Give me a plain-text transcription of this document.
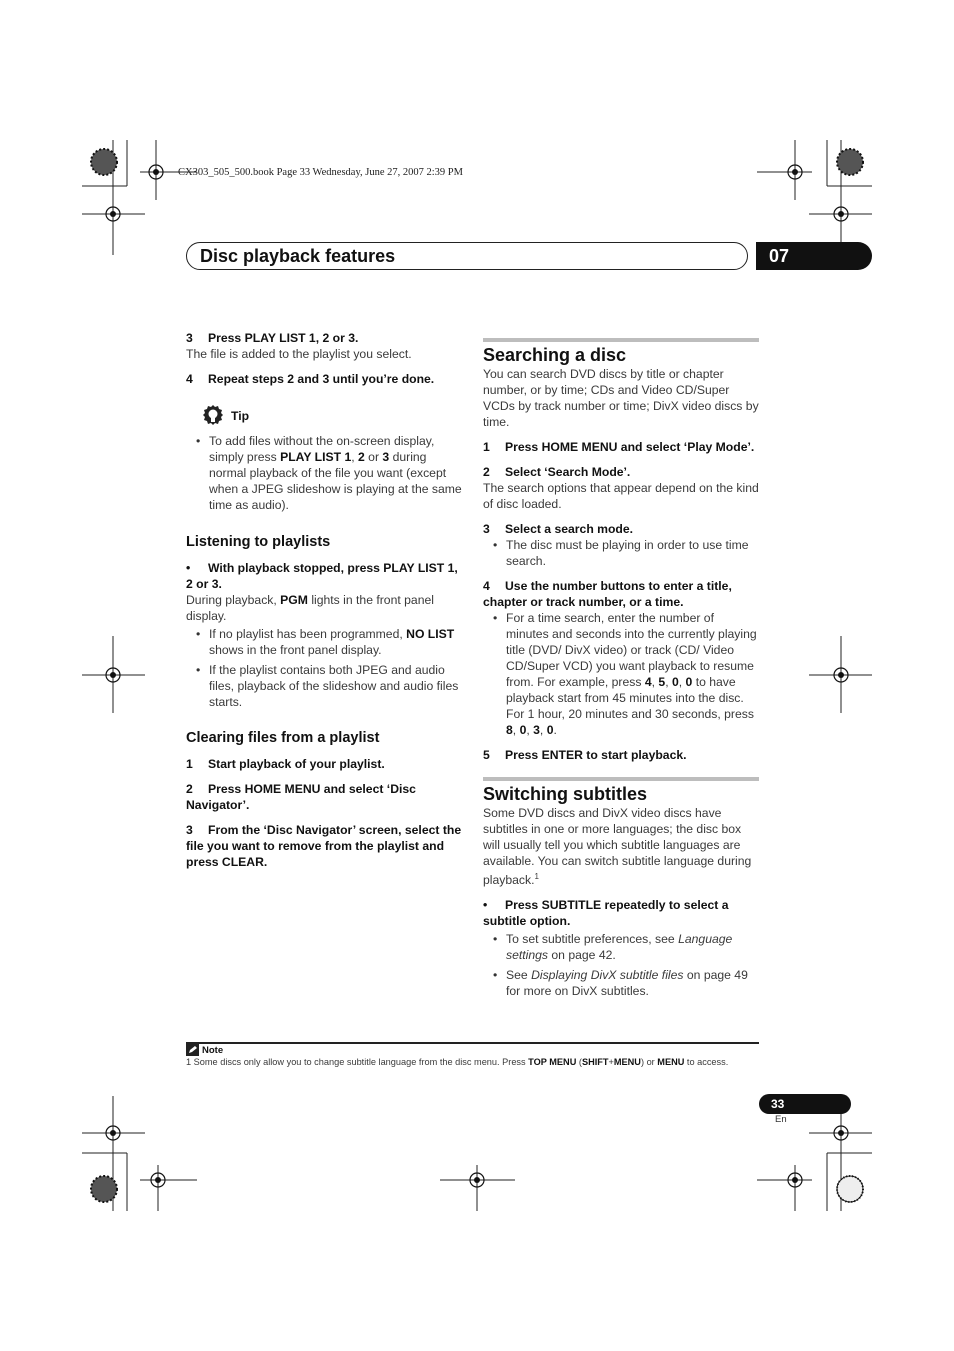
CX303_505_500.book Page 33 Wednesday, June 27, 2007 2:39 PM
Disc playback features	07
3 Press PLAY LIST 1, 2 or 3.

The file is added to the playlist you select.

4 Repeat steps 2 and 3 until you’re done.
Tip
• To add files without the on-screen display, simply press PLAY LIST 1, 2 or 3 during normal playback of the file you want (except when a JPEG slideshow is playing at the same time as audio).
Listening to playlists
• With playback stopped, press PLAY LIST 1, 2 or 3.

During playback, PGM lights in the front panel display.

• If no playlist has been programmed, NO LIST shows in the front panel display.
• If the playlist contains both JPEG and audio files, playback of the slideshow and audio files starts.
Clearing files from a playlist
1 Start playback of your playlist.
2 Press HOME MENU and select ‘Disc Navigator’.
3 From the ‘Disc Navigator’ screen, select the file you want to remove from the playlist and press CLEAR.
Searching a disc

You can search DVD discs by title or chapter number, or by time; CDs and Video CD/Super VCDs by track number or time; DivX video discs by time.

1 Press HOME MENU and select ‘Play Mode’.
2 Select ‘Search Mode’.

The search options that appear depend on the kind of disc loaded.

3 Select a search mode.
• The disc must be playing in order to use time search.
4 Use the number buttons to enter a title, chapter or track number, or a time.
• For a time search, enter the number of minutes and seconds into the currently playing title (DVD/ DivX video) or track (CD/ Video CD/Super VCD) you want playback to resume from. For example, press 4, 5, 0, 0 to have playback start from 45 minutes into the disc. For 1 hour, 20 minutes and 30 seconds, press 8, 0, 3, 0.
5 Press ENTER to start playback.
Switching subtitles

Some DVD discs and DivX video discs have subtitles in one or more languages; the disc box will usually tell you which subtitle languages are available. You can switch subtitle language during playback.$^1$

• Press SUBTITLE repeatedly to select a subtitle option.
• To set subtitle preferences, see Language settings on page 42.
• See Displaying DivX subtitle files on page 49 for more on DivX subtitles.
Note
1 Some discs only allow you to change subtitle language from the disc menu. Press TOP MENU (SHIFT+MENU) or MENU to access.
33
En
